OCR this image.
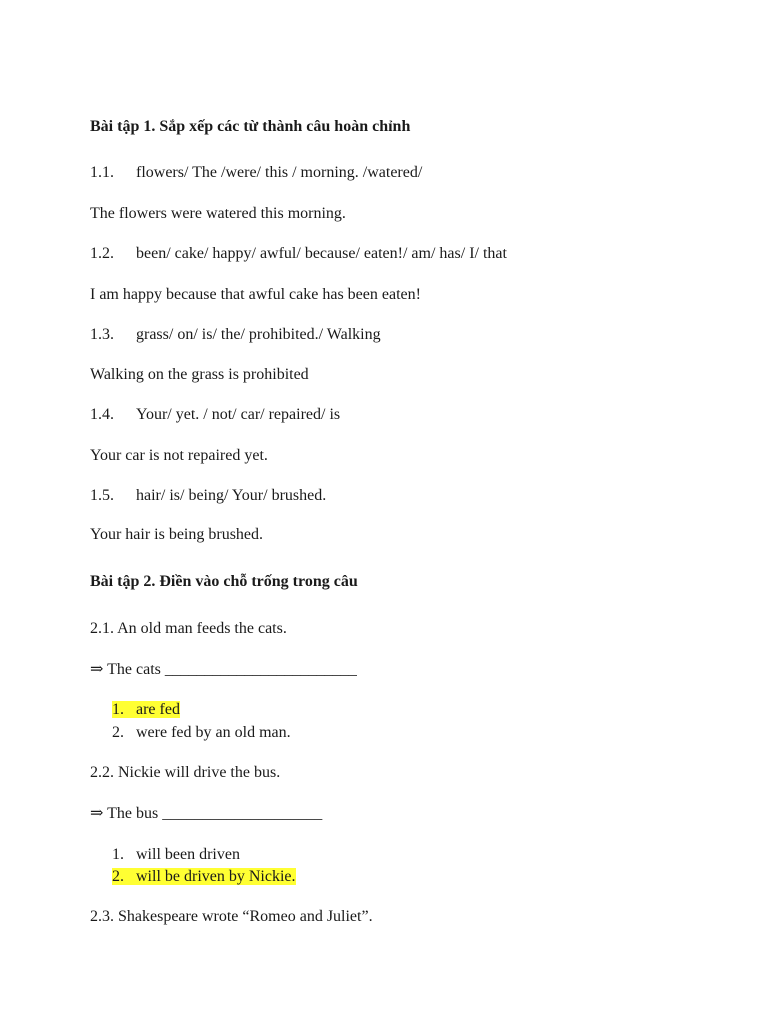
Bài tập 1. Sắp xếp các từ thành câu hoàn chỉnh
1.1. flowers/ The /were/ this / morning. /watered/
The flowers were watered this morning.
1.2. been/ cake/ happy/ awful/ because/ eaten!/ am/ has/ I/ that
I am happy because that awful cake has been eaten!
1.3. grass/ on/ is/ the/ prohibited./ Walking
Walking on the grass is prohibited
1.4. Your/ yet. / not/ car/ repaired/ is
Your car is not repaired yet.
1.5. hair/ is/ being/ Your/ brushed.
Your hair is being brushed.
Bài tập 2. Điền vào chỗ trống trong câu
2.1. An old man feeds the cats.
⇒ The cats ________________________
1. are fed
2. were fed by an old man.
2.2. Nickie will drive the bus.
⇒ The bus ____________________
1. will been driven
2. will be driven by Nickie.
2.3. Shakespeare wrote “Romeo and Juliet”.
